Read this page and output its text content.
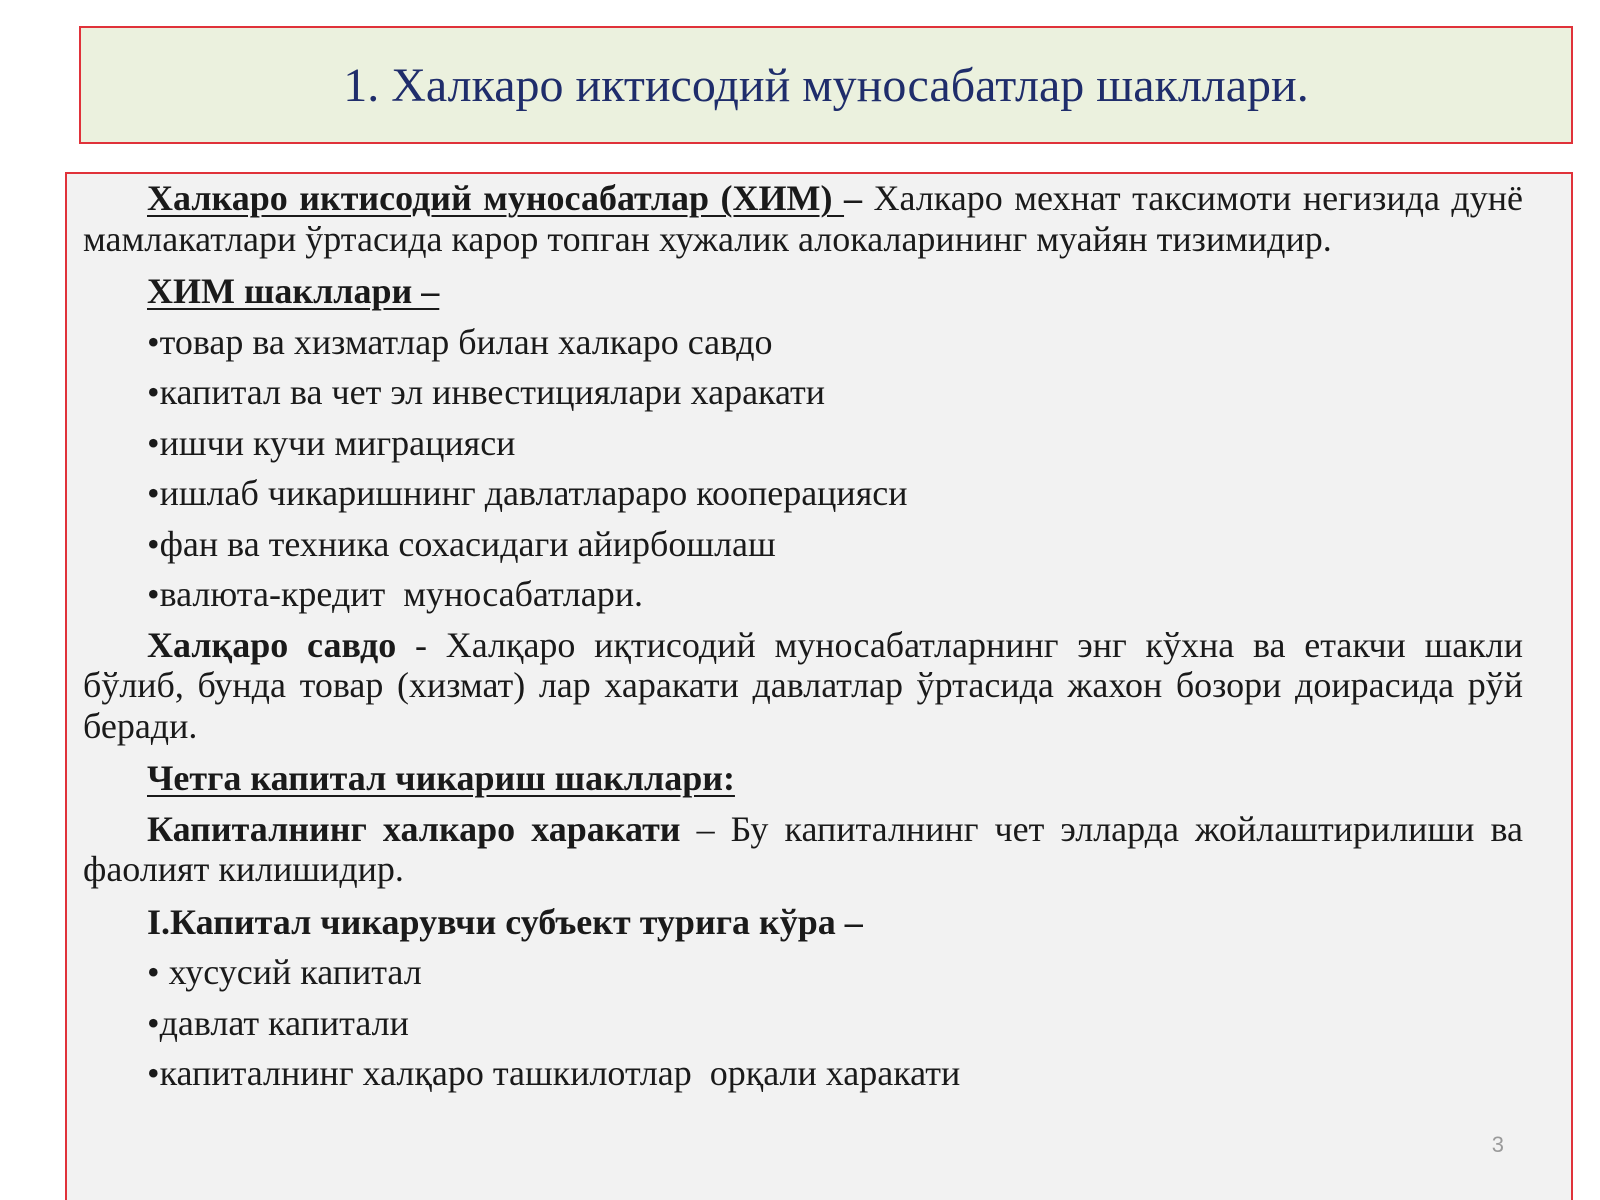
1. Халкаро иктисодий муносабатлар шакллари.

Халкаро иктисодий муносабатлар (ХИМ) – Халкаро мехнат таксимоти негизида дунё мамлакатлари ўртасида карор топган хужалик алокаларининг муайян тизимидир.

ХИМ шакллари –
•товар ва хизматлар билан халкаро савдо
•капитал ва чет эл инвестициялари харакати
•ишчи кучи миграцияси
•ишлаб чикаришнинг давлатлараро кооперацияси
•фан ва техника сохасидаги айирбошлаш
•валюта-кредит  муносабатлари.

Халқаро савдо - Халқаро иқтисодий муносабатларнинг энг кўхна ва етакчи шакли бўлиб, бунда товар (хизмат) лар харакати давлатлар ўртасида жахон бозори доирасида рўй беради.

Четга капитал чикариш шакллари:

Капиталнинг халкаро харакати – Бу капиталнинг чет элларда жойлаштирилиши ва фаолият килишидир.

I.Капитал чикарувчи субъект турига кўра –
• хусусий капитал
•давлат капитали
•капиталнинг халқаро ташкилотлар  орқали харакати
3
